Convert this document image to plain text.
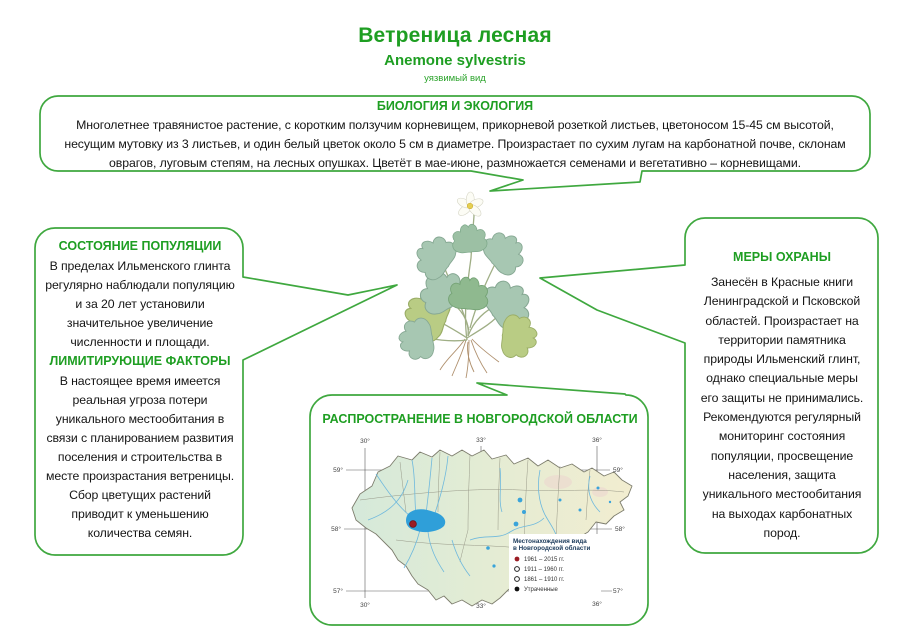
30°	33°	36°
30°	33°	36°
59°
58°
57°
59°
58°
57°
Местонахождения вида
в Новгородской области
1961 – 2015 гг.
1911 – 1960 гг.
1861 – 1910 гг.
Утраченные
Ветреница лесная
Anemone sylvestris
уязвимый вид
БИОЛОГИЯ И ЭКОЛОГИЯ
Многолетнее травянистое растение, с коротким ползучим корневищем, прикорневой розеткой листьев, цветоносом 15-45 см высотой, несущим мутовку из 3 листьев, и один белый цветок около 5 см в диаметре. Произрастает по сухим лугам на карбонатной почве, склонам оврагов, луговым степям, на лесных опушках. Цветёт в мае-июне, размножается семенами и вегетативно – корневищами.
СОСТОЯНИЕ ПОПУЛЯЦИИ
В пределах Ильменского глинта регулярно наблюдали популяцию и за 20 лет установили значительное увеличение численности и площади.
ЛИМИТИРУЮЩИЕ ФАКТОРЫ
В настоящее время имеется реальная угроза потери уникального местообитания в связи с планированием развития поселения и строительства в месте произрастания ветреницы. Сбор цветущих растений приводит к уменьшению количества семян.
МЕРЫ ОХРАНЫ
Занесён в Красные книги Ленинградской и Псковской областей. Произрастает на территории памятника природы Ильменский глинт, однако специальные меры его защиты не принимались. Рекомендуются регулярный мониторинг состояния популяции, просвещение населения, защита уникального местообитания на выходах карбонатных пород.
РАСПРОСТРАНЕНИЕ В НОВГОРОДСКОЙ ОБЛАСТИ
